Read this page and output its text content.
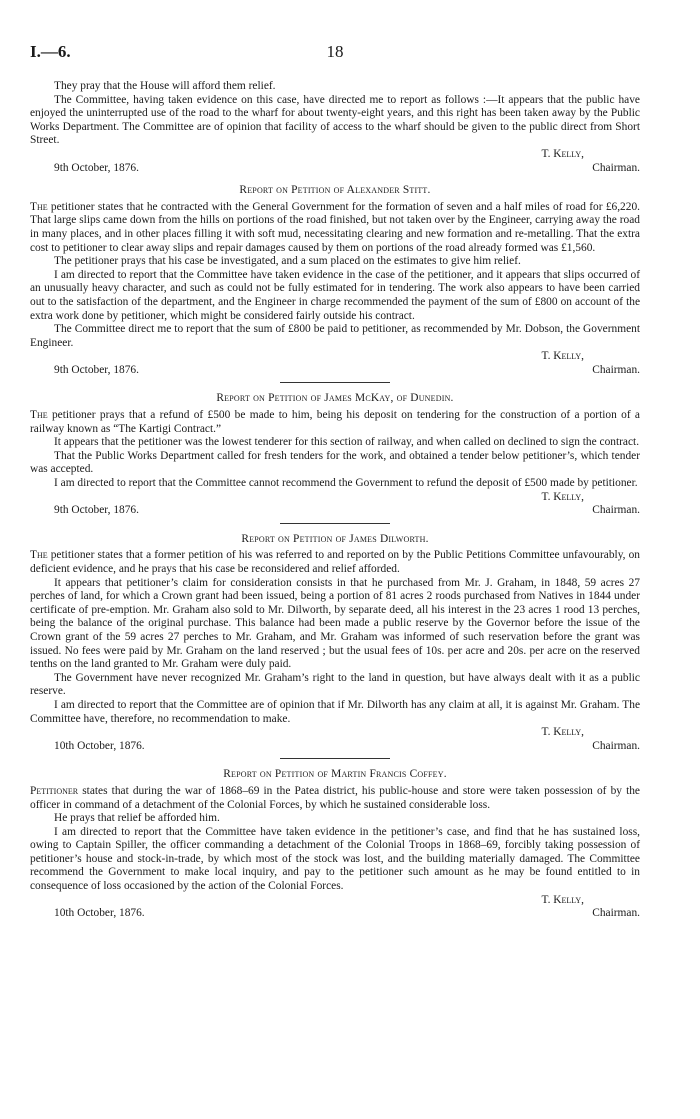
I.—6.	18

They pray that the House will afford them relief.

The Committee, having taken evidence on this case, have directed me to report as follows :—It appears that the public have enjoyed the uninterrupted use of the road to the wharf for about twenty-eight years, and this right has been taken away by the Public Works Department. The Committee are of opinion that facility of access to the wharf should be given to the public direct from Short Street.

9th October, 1876.
T. Kelly,
Chairman.
Report on Petition of Alexander Stitt.

The petitioner states that he contracted with the General Government for the formation of seven and a half miles of road for £6,220. That large slips came down from the hills on portions of the road finished, but not taken over by the Engineer, carrying away the road in many places, and in other places filling it with soft mud, necessitating clearing and new formation and re-metalling. That the extra cost to petitioner to clear away slips and repair damages caused by them on portions of the road already formed was £1,560.

The petitioner prays that his case be investigated, and a sum placed on the estimates to give him relief.

I am directed to report that the Committee have taken evidence in the case of the petitioner, and it appears that slips occurred of an unusually heavy character, and such as could not be fully estimated for in tendering. The work also appears to have been carried out to the satisfaction of the department, and the Engineer in charge recommended the payment of the sum of £800 on account of the extra work done by petitioner, which might be considered fairly outside his contract.

The Committee direct me to report that the sum of £800 be paid to petitioner, as recommended by Mr. Dobson, the Government Engineer.

9th October, 1876.
T. Kelly,
Chairman.
Report on Petition of James McKay, of Dunedin.

The petitioner prays that a refund of £500 be made to him, being his deposit on tendering for the construction of a portion of a railway known as “The Kartigi Contract.”

It appears that the petitioner was the lowest tenderer for this section of railway, and when called on declined to sign the contract.

That the Public Works Department called for fresh tenders for the work, and obtained a tender below petitioner’s, which tender was accepted.

I am directed to report that the Committee cannot recommend the Government to refund the deposit of £500 made by petitioner.

9th October, 1876.
T. Kelly,
Chairman.
Report on Petition of James Dilworth.

The petitioner states that a former petition of his was referred to and reported on by the Public Petitions Committee unfavourably, on deficient evidence, and he prays that his case be reconsidered and relief afforded.

It appears that petitioner’s claim for consideration consists in that he purchased from Mr. J. Graham, in 1848, 59 acres 27 perches of land, for which a Crown grant had been issued, being a portion of 81 acres 2 roods purchased from Natives in 1844 under certificate of pre-emption. Mr. Graham also sold to Mr. Dilworth, by separate deed, all his interest in the 23 acres 1 rood 13 perches, being the balance of the original purchase. This balance had been made a public reserve by the Governor before the issue of the Crown grant of the 59 acres 27 perches to Mr. Graham, and Mr. Graham was informed of such reservation before the grant was issued. No fees were paid by Mr. Graham on the land reserved ; but the usual fees of 10s. per acre and 20s. per acre on the reserved tenths on the land granted to Mr. Graham were duly paid.

The Government have never recognized Mr. Graham’s right to the land in question, but have always dealt with it as a public reserve.

I am directed to report that the Committee are of opinion that if Mr. Dilworth has any claim at all, it is against Mr. Graham. The Committee have, therefore, no recommendation to make.

10th October, 1876.
T. Kelly,
Chairman.
Report on Petition of Martin Francis Coffey.

Petitioner states that during the war of 1868–69 in the Patea district, his public-house and store were taken possession of by the officer in command of a detachment of the Colonial Forces, by which he sustained considerable loss.

He prays that relief be afforded him.

I am directed to report that the Committee have taken evidence in the petitioner’s case, and find that he has sustained loss, owing to Captain Spiller, the officer commanding a detachment of the Colonial Troops in 1868–69, forcibly taking possession of petitioner’s house and stock-in-trade, by which most of the stock was lost, and the building materially damaged. The Committee recommend the Government to make local inquiry, and pay to the petitioner such amount as he may be found entitled to in consequence of loss occasioned by the action of the Colonial Forces.

10th October, 1876.
T. Kelly,
Chairman.
